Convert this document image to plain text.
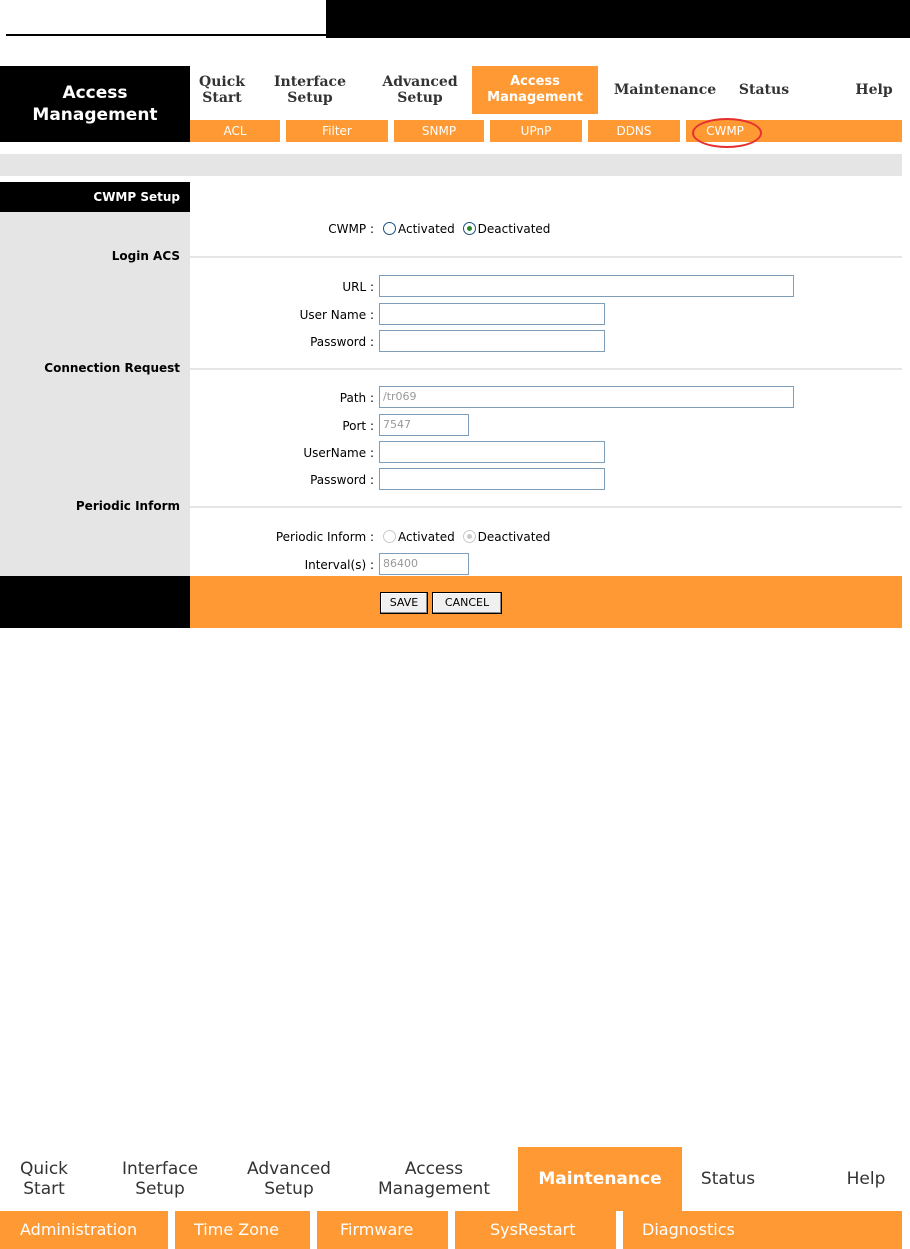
Access
Management
Quick
Start
Interface
Setup
Advanced
Setup
Access
Management Maintenance Status	Help
ACL	Filter	SNMP	UPnP	DDNS	CWMP
CWMP Setup
CWMP :	Activated Deactivated
Login ACS
URL :
User Name :
Password :
Connection Request
Path : /tr069
Port : 7547
UserName :
Password :
Periodic Inform
Periodic Inform :	Activated Deactivated
Interval(s) : 86400
SAVE	CANCEL
Quick
Start
Interface
Setup
Advanced
Setup
Access
Management	Maintenance Status	Help
Administration	Time Zone	Firmware	SysRestart	Diagnostics
